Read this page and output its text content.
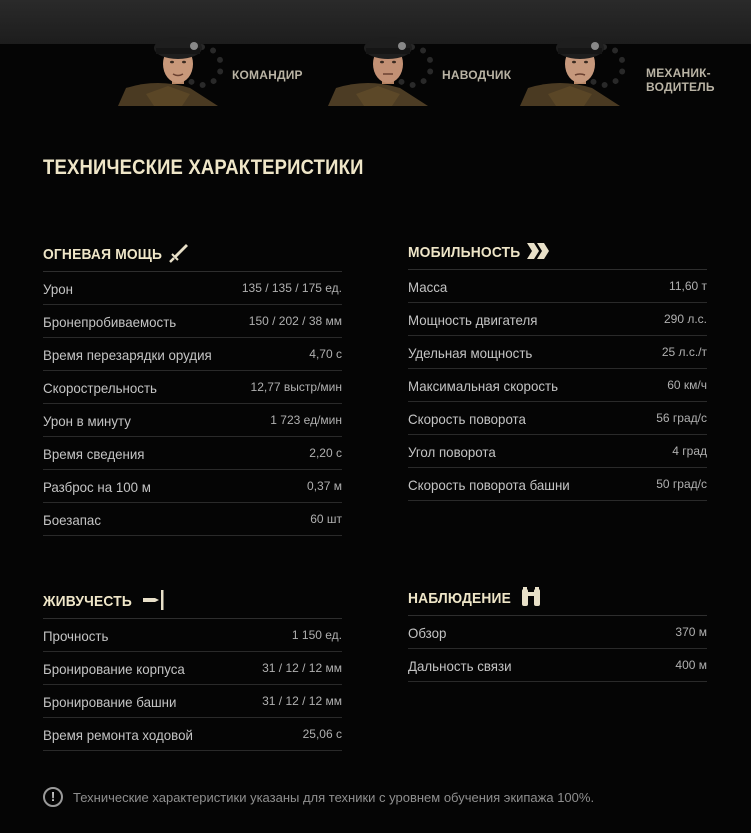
КОМАНДИР	НАВОДЧИК	МЕХАНИК-
ВОДИТЕЛЬ
ТЕХНИЧЕСКИЕ ХАРАКТЕРИСТИКИ
ОГНЕВАЯ МОЩЬ
Урон	135 / 135 / 175 ед.
Бронепробиваемость	150 / 202 / 38 мм
Время перезарядки орудия	4,70 с
Скорострельность	12,77 выстр/мин
Урон в минуту	1 723 ед/мин
Время сведения	2,20 с
Разброс на 100 м	0,37 м
Боезапас	60 шт
МОБИЛЬНОСТЬ
Масса	11,60 т
Мощность двигателя	290 л.с.
Удельная мощность	25 л.с./т
Максимальная скорость	60 км/ч
Скорость поворота	56 град/с
Угол поворота	4 град
Скорость поворота башни	50 град/с
ЖИВУЧЕСТЬ
Прочность	1 150 ед.
Бронирование корпуса	31 / 12 / 12 мм
Бронирование башни	31 / 12 / 12 мм
Время ремонта ходовой	25,06 с
НАБЛЮДЕНИЕ
Обзор	370 м
Дальность связи	400 м
!	Технические характеристики указаны для техники с уровнем обучения экипажа 100%.
